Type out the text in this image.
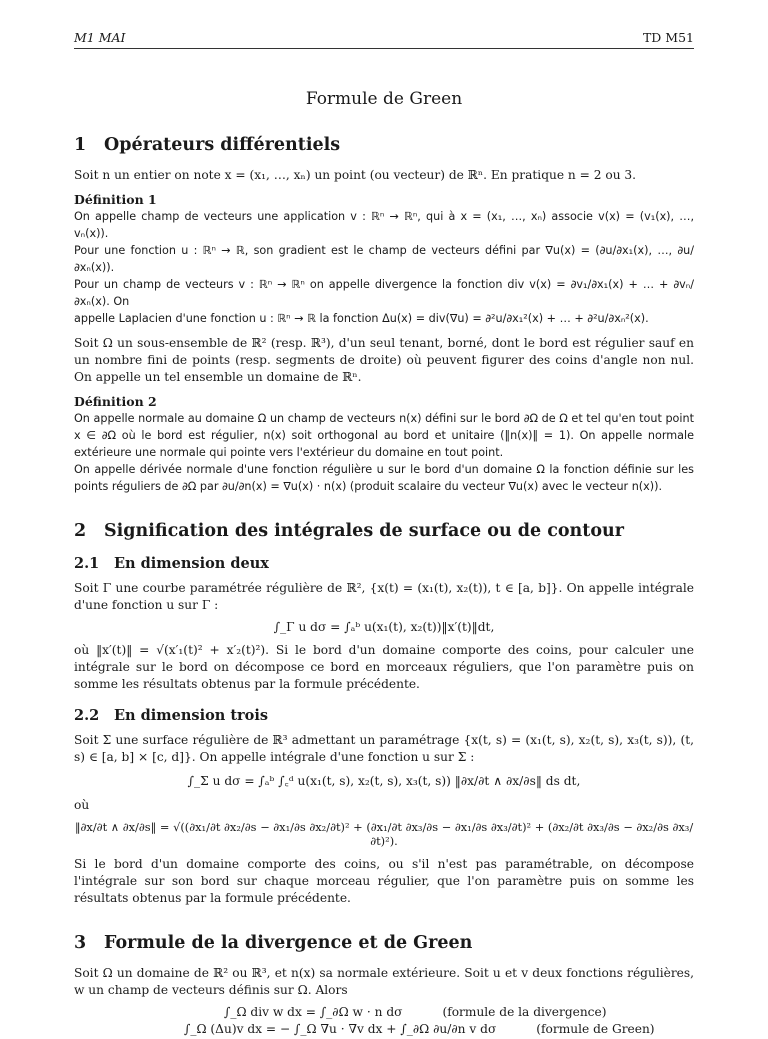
M1 MAI	TD M51
Formule de Green
1 Opérateurs différentiels

Soit n un entier on note x = (x₁, …, xₙ) un point (ou vecteur) de ℝⁿ. En pratique n = 2 ou 3.

Définition 1

On appelle champ de vecteurs une application v : ℝⁿ → ℝⁿ, qui à x = (x₁, …, xₙ) associe v(x) = (v₁(x), …, vₙ(x)).

Pour une fonction u : ℝⁿ → ℝ, son gradient est le champ de vecteurs défini par ∇u(x) = (∂u/∂x₁(x), …, ∂u/∂xₙ(x)).

Pour un champ de vecteurs v : ℝⁿ → ℝⁿ on appelle divergence la fonction div v(x) = ∂v₁/∂x₁(x) + … + ∂vₙ/∂xₙ(x). On

appelle Laplacien d'une fonction u : ℝⁿ → ℝ la fonction Δu(x) = div(∇u) = ∂²u/∂x₁²(x) + … + ∂²u/∂xₙ²(x).

Soit Ω un sous-ensemble de ℝ² (resp. ℝ³), d'un seul tenant, borné, dont le bord est régulier sauf en un nombre fini de points (resp. segments de droite) où peuvent figurer des coins d'angle non nul. On appelle un tel ensemble un domaine de ℝⁿ.

Définition 2

On appelle normale au domaine Ω un champ de vecteurs n(x) défini sur le bord ∂Ω de Ω et tel qu'en tout point x ∈ ∂Ω où le bord est régulier, n(x) soit orthogonal au bord et unitaire (‖n(x)‖ = 1). On appelle normale extérieure une normale qui pointe vers l'extérieur du domaine en tout point.

On appelle dérivée normale d'une fonction régulière u sur le bord d'un domaine Ω la fonction définie sur les points réguliers de ∂Ω par ∂u/∂n(x) = ∇u(x) · n(x) (produit scalaire du vecteur ∇u(x) avec le vecteur n(x)).

2 Signification des intégrales de surface ou de contour
2.1 En dimension deux

Soit Γ une courbe paramétrée régulière de ℝ², {x(t) = (x₁(t), x₂(t)), t ∈ [a, b]}. On appelle intégrale d'une fonction u sur Γ :

∫_Γ u dσ = ∫ₐᵇ u(x₁(t), x₂(t))‖x′(t)‖dt,

où ‖x′(t)‖ = √(x′₁(t)² + x′₂(t)²). Si le bord d'un domaine comporte des coins, pour calculer une intégrale sur le bord on décompose ce bord en morceaux réguliers, que l'on paramètre puis on somme les résultats obtenus par la formule précédente.

2.2 En dimension trois

Soit Σ une surface régulière de ℝ³ admettant un paramétrage {x(t, s) = (x₁(t, s), x₂(t, s), x₃(t, s)), (t, s) ∈ [a, b] × [c, d]}. On appelle intégrale d'une fonction u sur Σ :

∫_Σ u dσ = ∫ₐᵇ ∫꜀ᵈ u(x₁(t, s), x₂(t, s), x₃(t, s)) ‖∂x/∂t ∧ ∂x/∂s‖ ds dt,

où

‖∂x/∂t ∧ ∂x/∂s‖ = √((∂x₁/∂t ∂x₂/∂s − ∂x₁/∂s ∂x₂/∂t)² + (∂x₁/∂t ∂x₃/∂s − ∂x₁/∂s ∂x₃/∂t)² + (∂x₂/∂t ∂x₃/∂s − ∂x₂/∂s ∂x₃/∂t)²).

Si le bord d'un domaine comporte des coins, ou s'il n'est pas paramétrable, on décompose l'intégrale sur son bord sur chaque morceau régulier, que l'on paramètre puis on somme les résultats obtenus par la formule précédente.

3 Formule de la divergence et de Green

Soit Ω un domaine de ℝ² ou ℝ³, et n(x) sa normale extérieure. Soit u et v deux fonctions régulières, w un champ de vecteurs définis sur Ω. Alors

∫_Ω div w dx = ∫_∂Ω w · n dσ	(formule de la divergence)
∫_Ω (Δu)v dx = − ∫_Ω ∇u · ∇v dx + ∫_∂Ω ∂u/∂n v dσ	(formule de Green)
